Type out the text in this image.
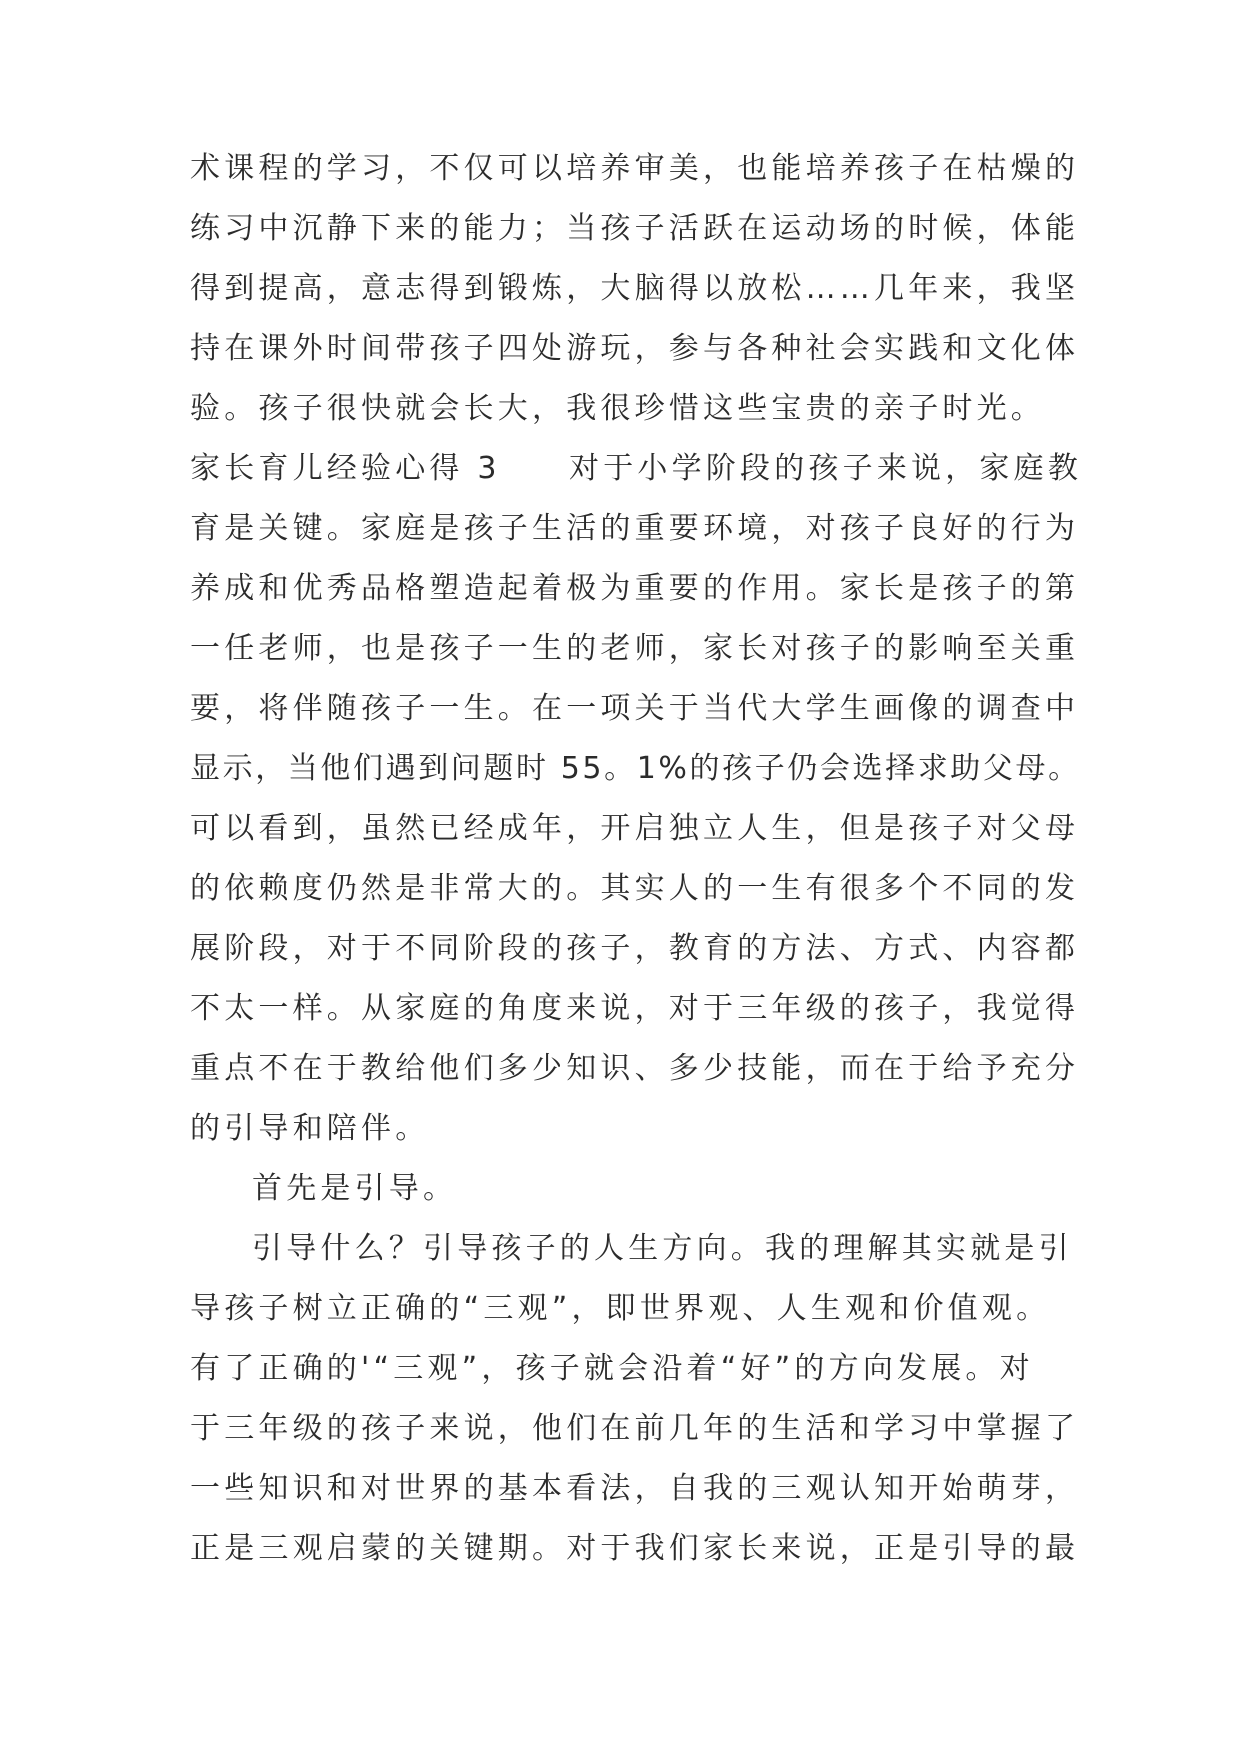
术课程的学习，不仅可以培养审美，也能培养孩子在枯燥的
练习中沉静下来的能力；当孩子活跃在运动场的时候，体能
得到提高，意志得到锻炼，大脑得以放松……几年来，我坚
持在课外时间带孩子四处游玩，参与各种社会实践和文化体
验。孩子很快就会长大，我很珍惜这些宝贵的亲子时光。
家长育儿经验心得 3　　对于小学阶段的孩子来说，家庭教
育是关键。家庭是孩子生活的重要环境，对孩子良好的行为
养成和优秀品格塑造起着极为重要的作用。家长是孩子的第
一任老师，也是孩子一生的老师，家长对孩子的影响至关重
要，将伴随孩子一生。在一项关于当代大学生画像的调查中
显示，当他们遇到问题时 55。1%的孩子仍会选择求助父母。
可以看到，虽然已经成年，开启独立人生，但是孩子对父母
的依赖度仍然是非常大的。其实人的一生有很多个不同的发
展阶段，对于不同阶段的孩子，教育的方法、方式、内容都
不太一样。从家庭的角度来说，对于三年级的孩子，我觉得
重点不在于教给他们多少知识、多少技能，而在于给予充分
的引导和陪伴。
首先是引导。
引导什么？引导孩子的人生方向。我的理解其实就是引
导孩子树立正确的“三观”，即世界观、人生观和价值观。
有了正确的'“三观”，孩子就会沿着“好”的方向发展。对
于三年级的孩子来说，他们在前几年的生活和学习中掌握了
一些知识和对世界的基本看法，自我的三观认知开始萌芽，
正是三观启蒙的关键期。对于我们家长来说，正是引导的最
